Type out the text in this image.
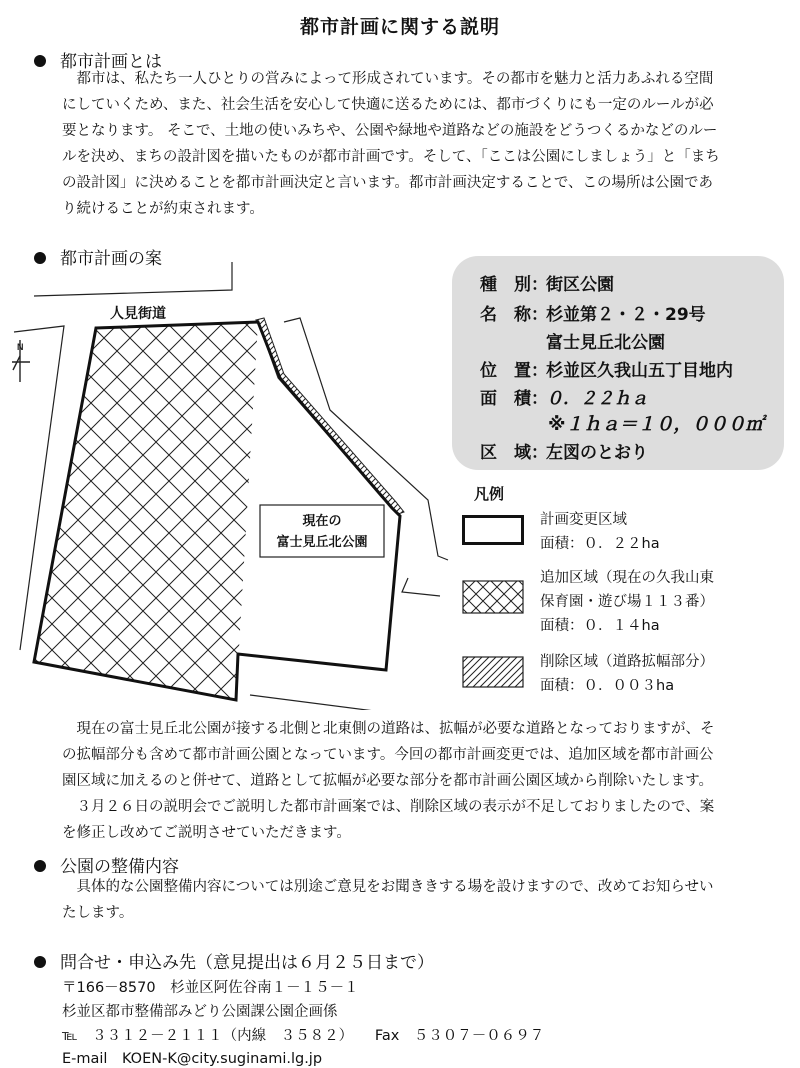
都市計画に関する説明
都市計画とは
都市は、私たち一人ひとりの営みによって形成されています。その都市を魅力と活力あふれる空間
にしていくため、また、社会生活を安心して快適に送るためには、都市づくりにも一定のルールが必
要となります。 そこで、土地の使いみちや、公園や緑地や道路などの施設をどうつくるかなどのルー
ルを決め、まちの設計図を描いたものが都市計画です。そして、「ここは公園にしましょう」と「まち
の設計図」に決めることを都市計画決定と言います。都市計画決定することで、この場所は公園であ
り続けることが約束されます。
都市計画の案
N
人見街道
現在の
富士見丘北公園
種　別：街区公園
名　称：杉並第２・２・29号
富士見丘北公園
位　置：杉並区久我山五丁目地内
面　積：０．２２ｈａ
※１ｈａ＝１０，０００㎡
区　域：左図のとおり
凡例
計画変更区域
面積：０．２２ha
追加区域（現在の久我山東
保育園・遊び場１１３番）
面積：０．１４ha
削除区域（道路拡幅部分）
面積：０．００３ha
現在の富士見丘北公園が接する北側と北東側の道路は、拡幅が必要な道路となっておりますが、そ
の拡幅部分も含めて都市計画公園となっています。今回の都市計画変更では、追加区域を都市計画公
園区域に加えるのと併せて、道路として拡幅が必要な部分を都市計画公園区域から削除いたします。
３月２６日の説明会でご説明した都市計画案では、削除区域の表示が不足しておりましたので、案
を修正し改めてご説明させていただきます。
公園の整備内容
具体的な公園整備内容については別途ご意見をお聞ききする場を設けますので、改めてお知らせい
たします。
問合せ・申込み先（意見提出は６月２５日まで）
〒166－8570　杉並区阿佐谷南１－１５－１
杉並区都市整備部みどり公園課公園企画係
℡　３３１２－２１１１（内線　３５８２）　　Fax　５３０７－０６９７
E-mail　KOEN-K@city.suginami.lg.jp
